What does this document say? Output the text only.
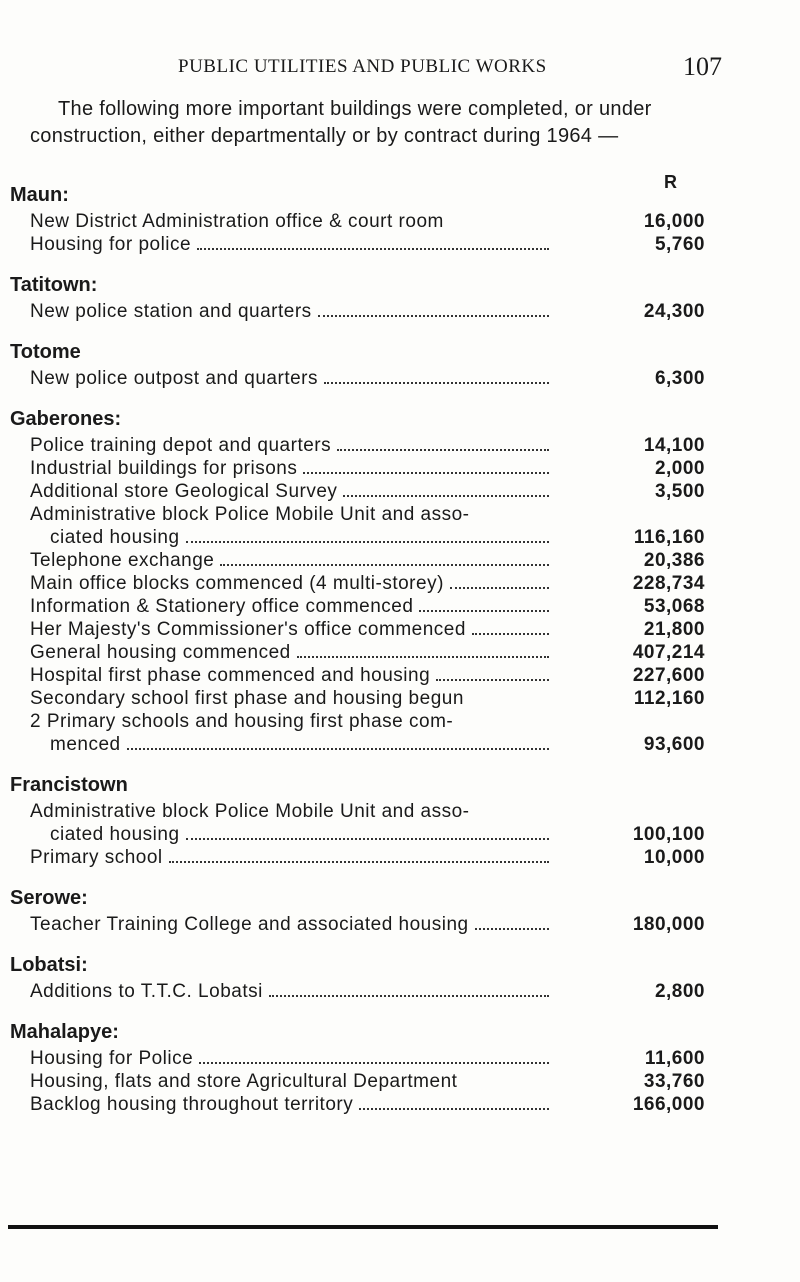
PUBLIC UTILITIES AND PUBLIC WORKS	107
The following more important buildings were completed, or under construction, either departmentally or by contract during 1964 —
R
Maun:
New District Administration office & court room	16,000
Housing for police	5,760
Tatitown:
New police station and quarters	24,300
Totome
New police outpost and quarters	6,300
Gaberones:
Police training depot and quarters	14,100
Industrial buildings for prisons	2,000
Additional store Geological Survey	3,500
Administrative block Police Mobile Unit and asso-
ciated housing	116,160
Telephone exchange	20,386
Main office blocks commenced (4 multi-storey)	228,734
Information & Stationery office commenced	53,068
Her Majesty's Commissioner's office commenced	21,800
General housing commenced	407,214
Hospital first phase commenced and housing	227,600
Secondary school first phase and housing begun	112,160
2 Primary schools and housing first phase com-
menced	93,600
Francistown
Administrative block Police Mobile Unit and asso-
ciated housing	100,100
Primary school	10,000
Serowe:
Teacher Training College and associated housing	180,000
Lobatsi:
Additions to T.T.C. Lobatsi	2,800
Mahalapye:
Housing for Police	11,600
Housing, flats and store Agricultural Department	33,760
Backlog housing throughout territory	166,000
